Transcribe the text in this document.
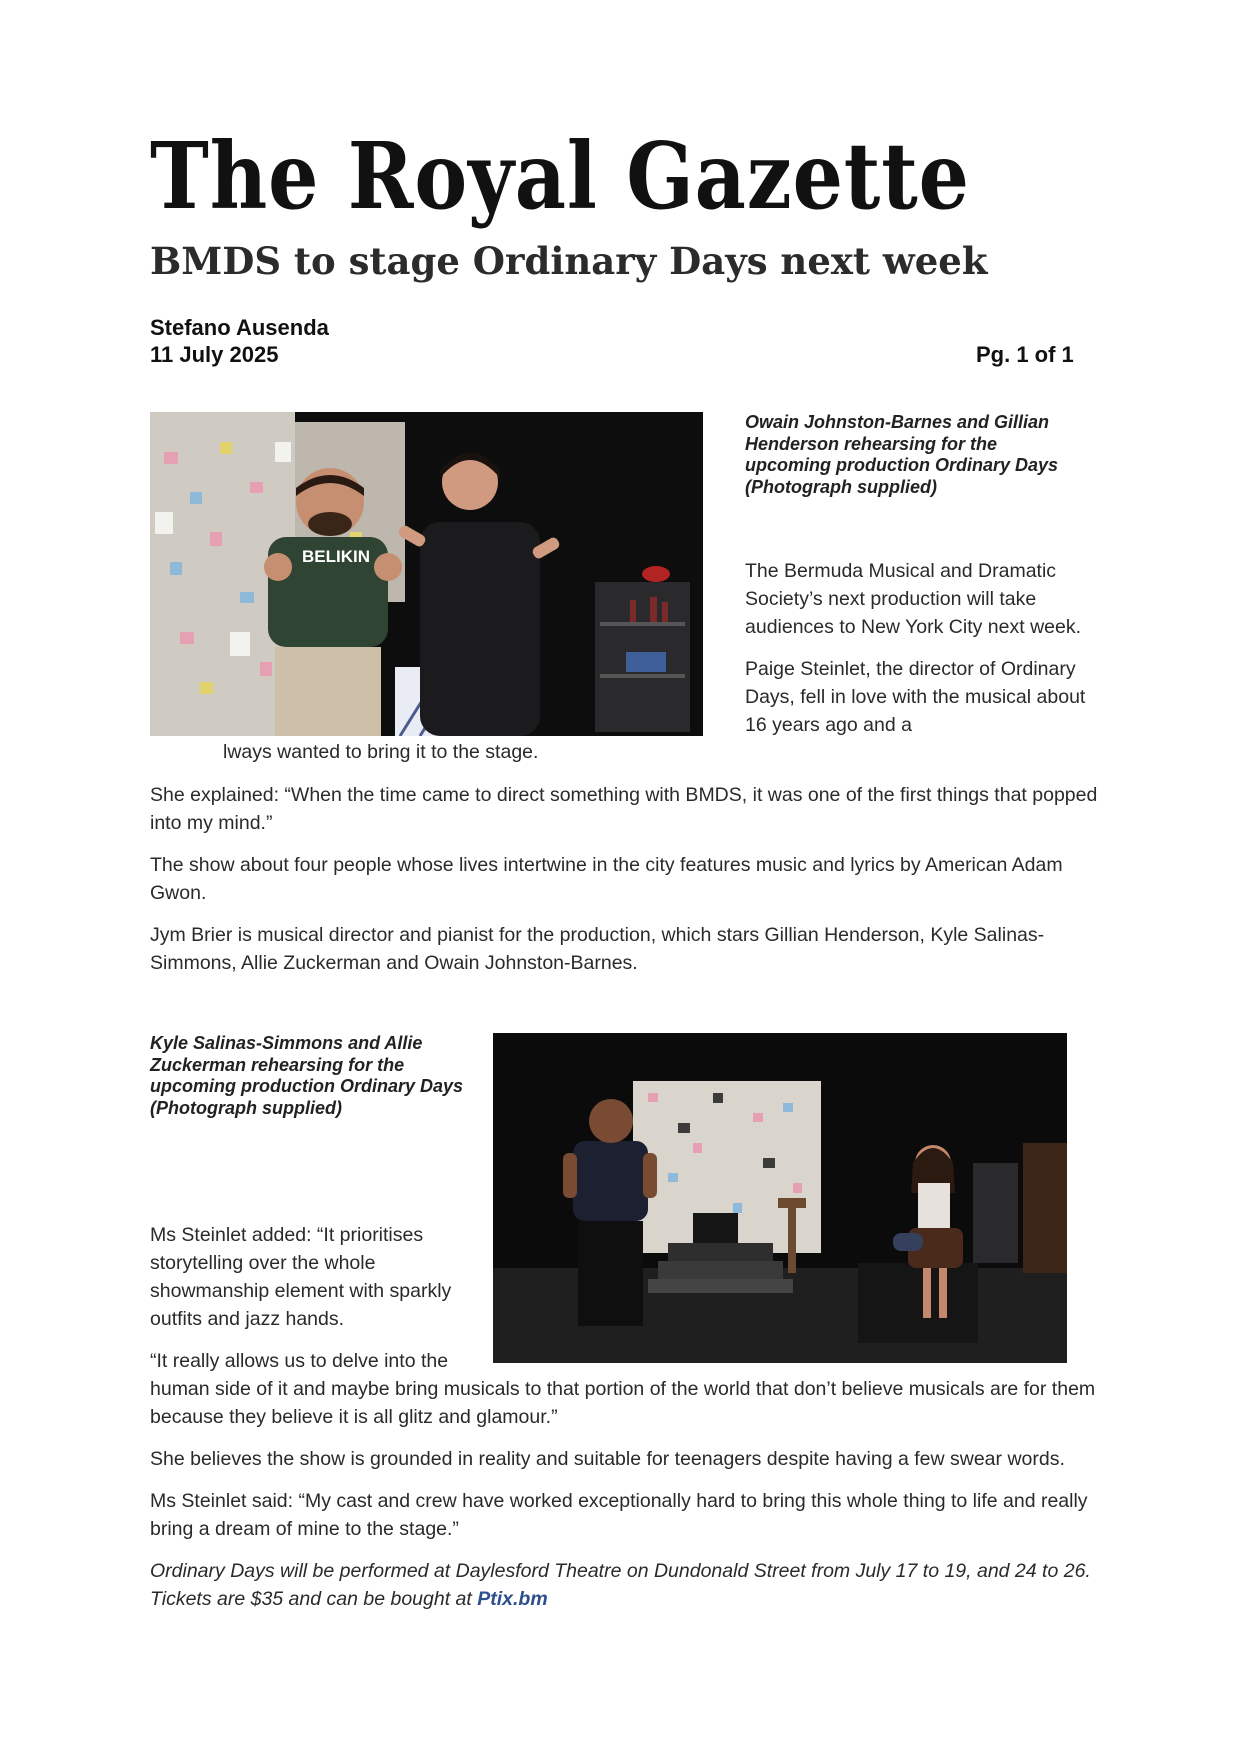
The Royal Gazette
BMDS to stage Ordinary Days next week
Stefano Ausenda
11 July 2025	Pg. 1 of 1
BELIKIN
Owain Johnston-Barnes and Gillian Henderson rehearsing for the upcoming production Ordinary Days (Photograph supplied)

The Bermuda Musical and Dramatic Society’s next production will take audiences to New York City next week.

Paige Steinlet, the director of Ordinary Days, fell in love with the musical about 16 years ago and a

lways wanted to bring it to the stage.

She explained: “When the time came to direct something with BMDS, it was one of the first things that popped into my mind.”

The show about four people whose lives intertwine in the city features music and lyrics by American Adam Gwon.

Jym Brier is musical director and pianist for the production, which stars Gillian Henderson, Kyle Salinas-Simmons, Allie Zuckerman and Owain Johnston-Barnes.

Kyle Salinas-Simmons and Allie Zuckerman rehearsing for the upcoming production Ordinary Days (Photograph supplied)

Ms Steinlet added: “It prioritises storytelling over the whole showmanship element with sparkly outfits and jazz hands.

“It really allows us to delve into the

human side of it and maybe bring musicals to that portion of the world that don’t believe musicals are for them because they believe it is all glitz and glamour.”

She believes the show is grounded in reality and suitable for teenagers despite having a few swear words.

Ms Steinlet said: “My cast and crew have worked exceptionally hard to bring this whole thing to life and really bring a dream of mine to the stage.”

Ordinary Days will be performed at Daylesford Theatre on Dundonald Street from July 17 to 19, and 24 to 26. Tickets are $35 and can be bought at Ptix.bm
